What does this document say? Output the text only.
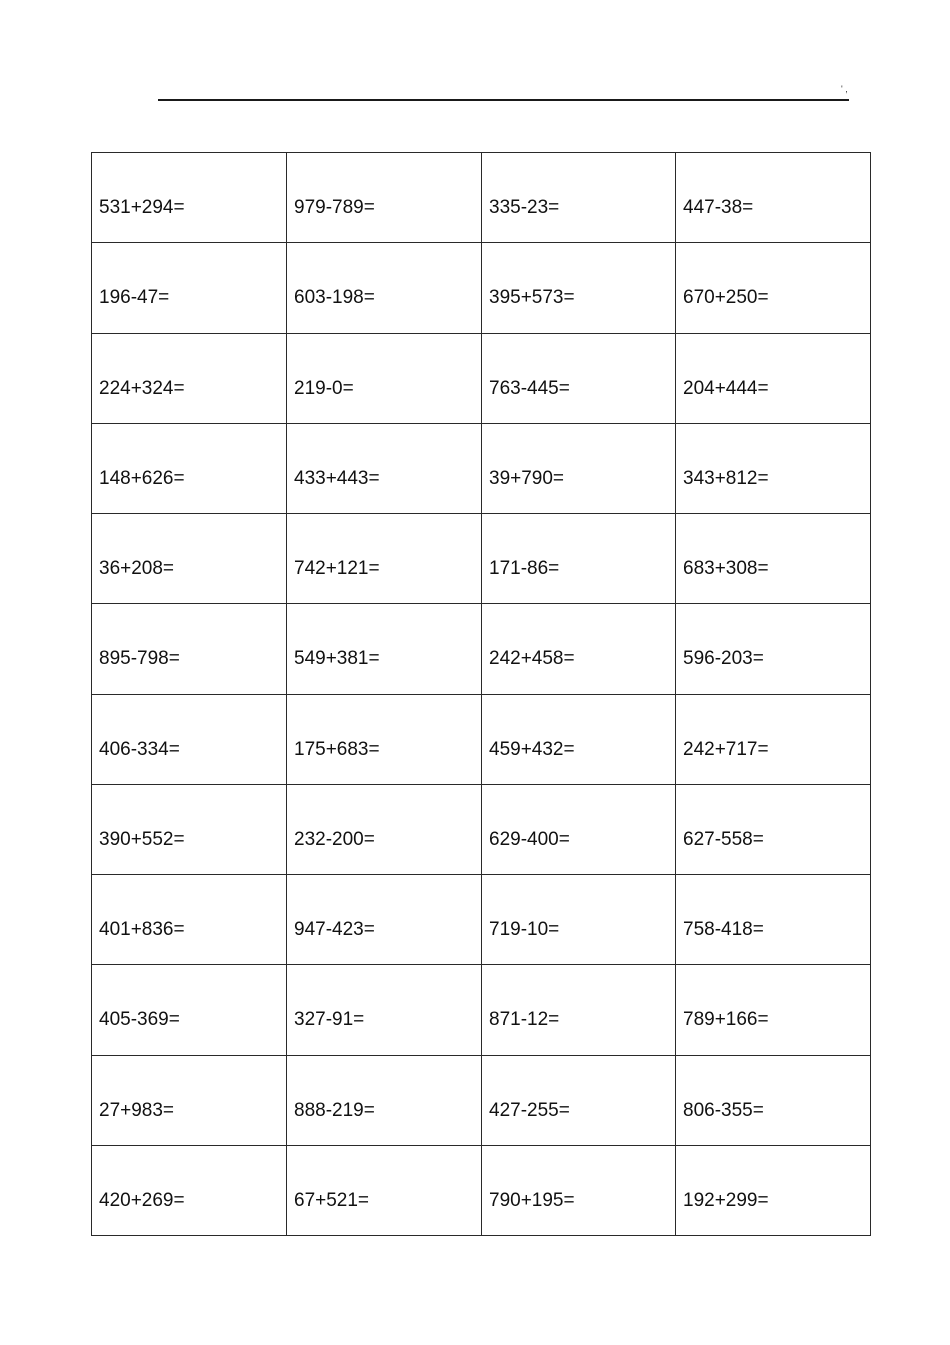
' ,
531+294=	979-789=	335-23=	447-38=

196-47=	603-198=	395+573=	670+250=

224+324=	219-0=	763-445=	204+444=

148+626=	433+443=	39+790=	343+812=

36+208=	742+121=	171-86=	683+308=

895-798=	549+381=	242+458=	596-203=

406-334=	175+683=	459+432=	242+717=

390+552=	232-200=	629-400=	627-558=

401+836=	947-423=	719-10=	758-418=

405-369=	327-91=	871-12=	789+166=

27+983=	888-219=	427-255=	806-355=

420+269=	67+521=	790+195=	192+299=
